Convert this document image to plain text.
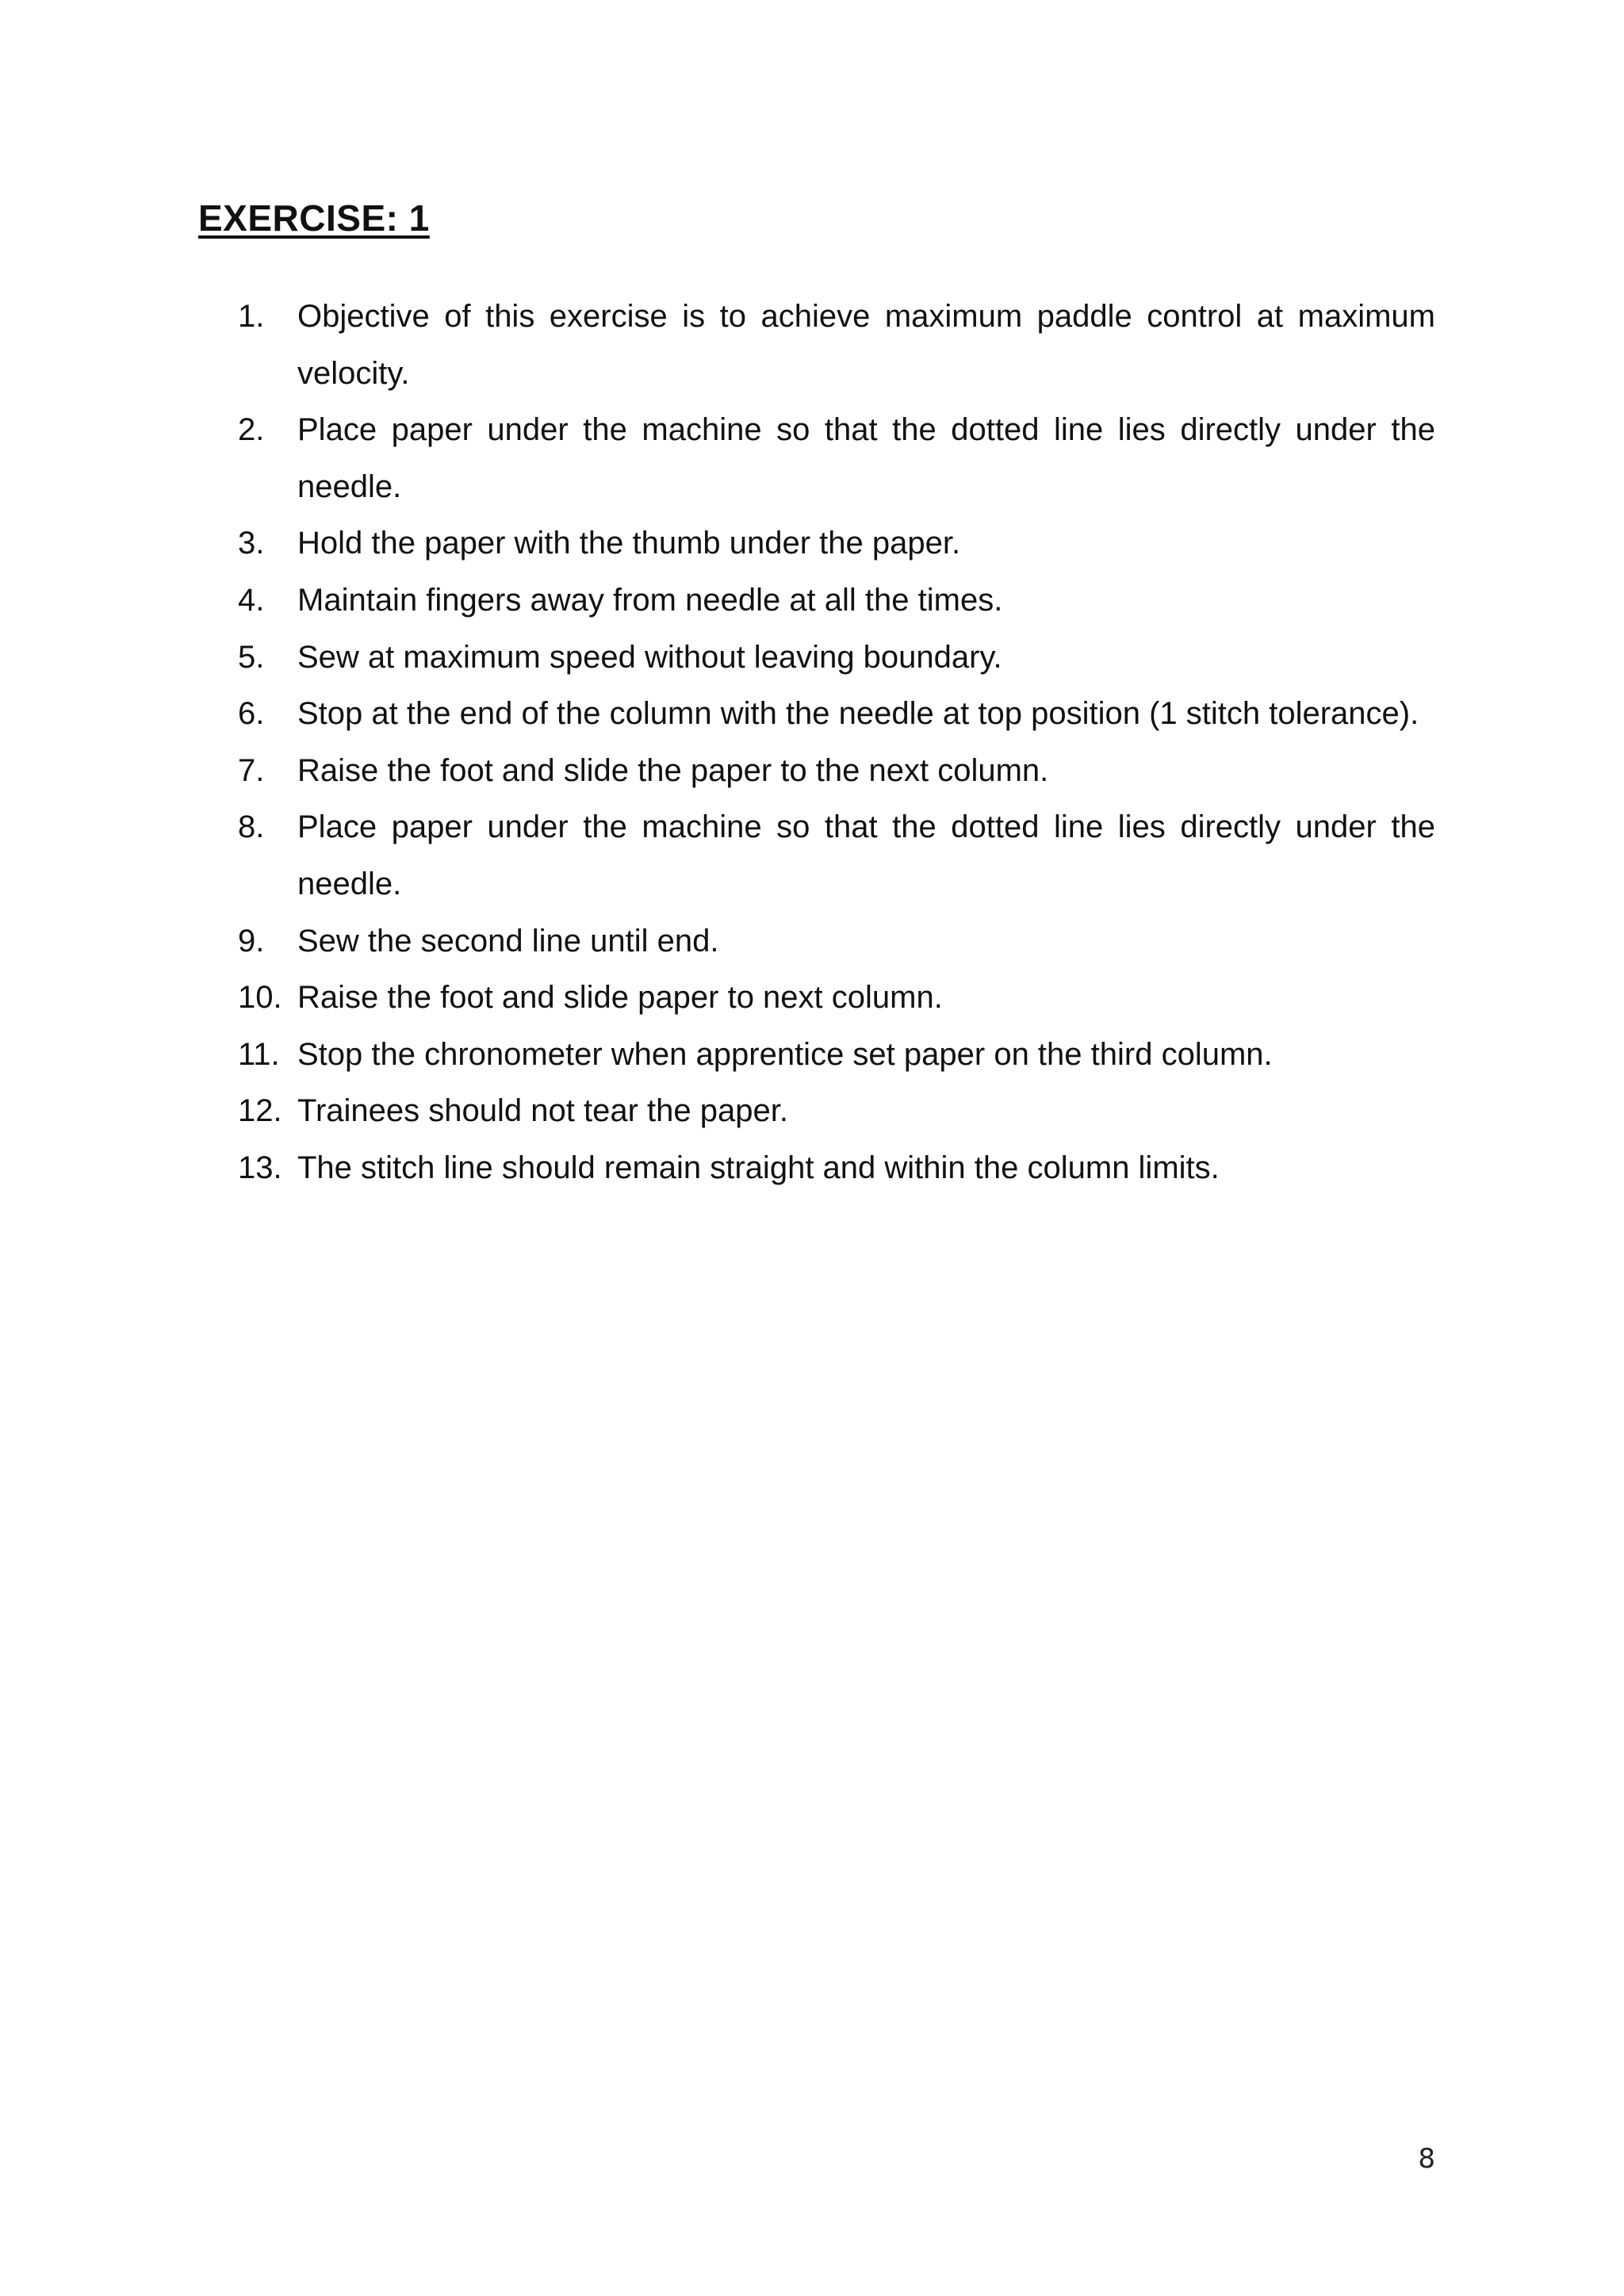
EXERCISE: 1
1.	Objective of this exercise is to achieve maximum paddle control at maximum velocity.
2.	Place paper under the machine so that the dotted line lies directly under the needle.
3.	Hold the paper with the thumb under the paper.
4.	Maintain fingers away from needle at all the times.
5.	Sew at maximum speed without leaving boundary.
6.	Stop at the end of the column with the needle at top position (1 stitch tolerance).
7.	Raise the foot and slide the paper to the next column.
8.	Place paper under the machine so that the dotted line lies directly under the needle.
9.	Sew the second line until end.
10. Raise the foot and slide paper to next column.
11. Stop the chronometer when apprentice set paper on the third column.
12. Trainees should not tear the paper.
13. The stitch line should remain straight and within the column limits.
8
